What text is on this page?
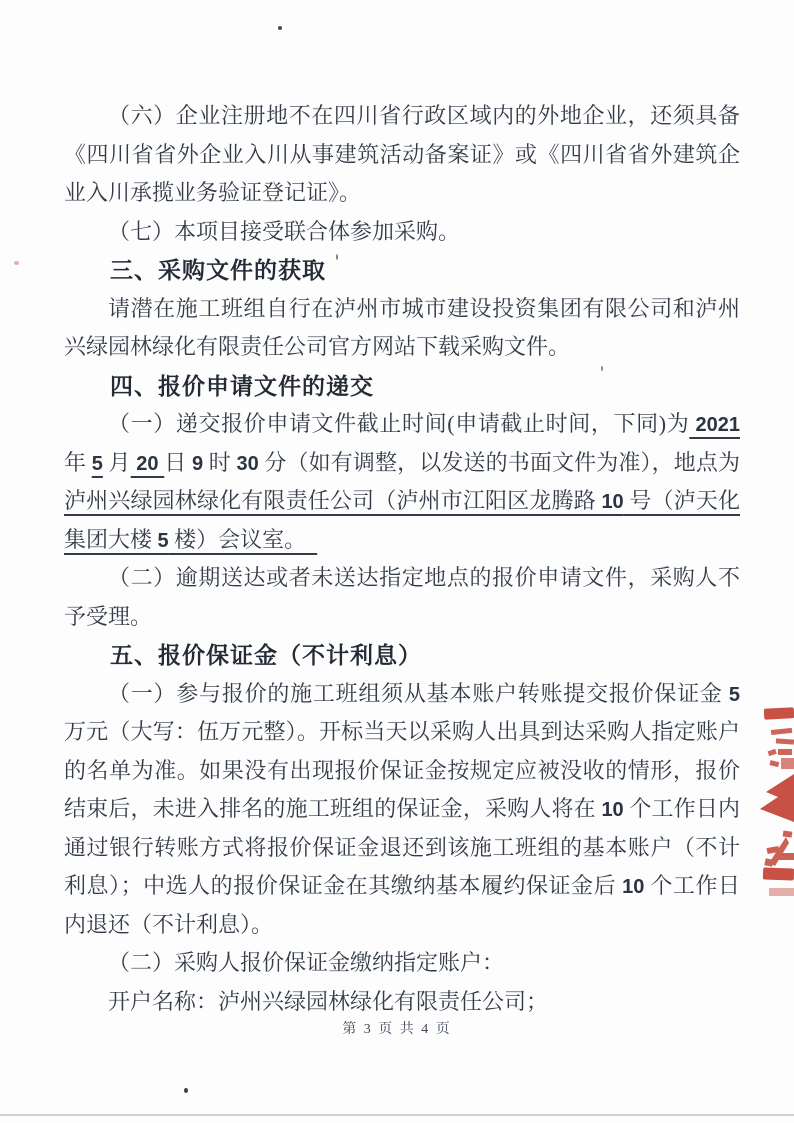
（六）企业注册地不在四川省行政区域内的外地企业，还须具备
《四川省省外企业入川从事建筑活动备案证》或《四川省省外建筑企
业入川承揽业务验证登记证》。
（七）本项目接受联合体参加采购。
三、采购文件的获取
请潜在施工班组自行在泸州市城市建设投资集团有限公司和泸州
兴绿园林绿化有限责任公司官方网站下载采购文件。
四、报价申请文件的递交
（一）递交报价申请文件截止时间(申请截止时间，下同)为 2021
年 5 月 20 日 9 时 30 分（如有调整，以发送的书面文件为准），地点为
泸州兴绿园林绿化有限责任公司（泸州市江阳区龙腾路 10 号（泸天化
集团大楼 5 楼）会议室。　
（二）逾期送达或者未送达指定地点的报价申请文件，采购人不
予受理。
五、报价保证金（不计利息）
（一）参与报价的施工班组须从基本账户转账提交报价保证金 5
万元（大写：伍万元整）。开标当天以采购人出具到达采购人指定账户
的名单为准。如果没有出现报价保证金按规定应被没收的情形，报价
结束后，未进入排名的施工班组的保证金，采购人将在 10 个工作日内
通过银行转账方式将报价保证金退还到该施工班组的基本账户（不计
利息）；中选人的报价保证金在其缴纳基本履约保证金后 10 个工作日
内退还（不计利息）。
（二）采购人报价保证金缴纳指定账户：
开户名称：泸州兴绿园林绿化有限责任公司；
第 3 页 共 4 页
